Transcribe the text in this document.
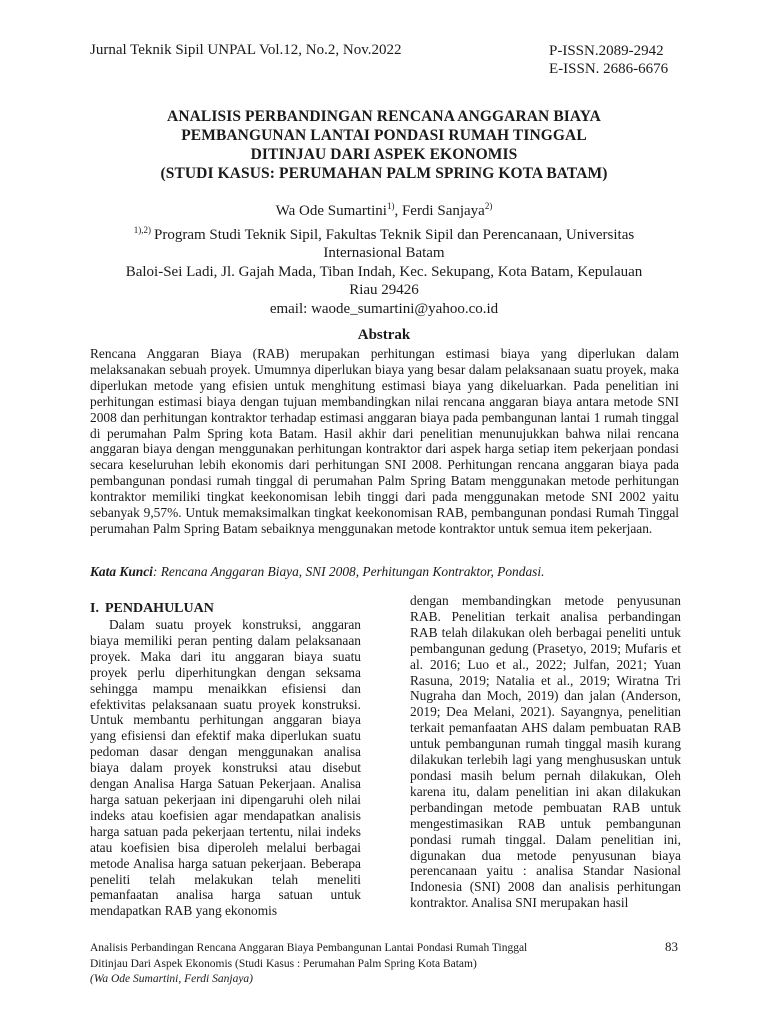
Jurnal Teknik Sipil UNPAL Vol.12, No.2, Nov.2022	P-ISSN.2089-2942
E-ISSN. 2686-6676
ANALISIS PERBANDINGAN RENCANA ANGGARAN BIAYA
PEMBANGUNAN LANTAI PONDASI RUMAH TINGGAL
DITINJAU DARI ASPEK EKONOMIS
(STUDI KASUS: PERUMAHAN PALM SPRING KOTA BATAM)
Wa Ode Sumartini$^{1)}$, Ferdi Sanjaya$^{2)}$
$^{1),2)}$ Program Studi Teknik Sipil, Fakultas Teknik Sipil dan Perencanaan, Universitas
Internasional Batam
Baloi-Sei Ladi, Jl. Gajah Mada, Tiban Indah, Kec. Sekupang, Kota Batam, Kepulauan
Riau 29426
email: waode_sumartini@yahoo.co.id
Abstrak
Rencana Anggaran Biaya (RAB) merupakan perhitungan estimasi biaya yang diperlukan dalam melaksanakan sebuah proyek. Umumnya diperlukan biaya yang besar dalam pelaksanaan suatu proyek, maka diperlukan metode yang efisien untuk menghitung estimasi biaya yang dikeluarkan. Pada penelitian ini perhitungan estimasi biaya dengan tujuan membandingkan nilai rencana anggaran biaya antara metode SNI 2008 dan perhitungan kontraktor terhadap estimasi anggaran biaya pada pembangunan lantai 1 rumah tinggal di perumahan Palm Spring kota Batam. Hasil akhir dari penelitian menunujukkan bahwa nilai rencana anggaran biaya dengan menggunakan perhitungan kontraktor dari aspek harga setiap item pekerjaan pondasi secara keseluruhan lebih ekonomis dari perhitungan SNI 2008. Perhitungan rencana anggaran biaya pada pembangunan pondasi rumah tinggal di perumahan Palm Spring Batam menggunakan metode perhitungan kontraktor memiliki tingkat keekonomisan lebih tinggi dari pada menggunakan metode SNI 2002 yaitu sebanyak 9,57%. Untuk memaksimalkan tingkat keekonomisan RAB, pembangunan pondasi Rumah Tinggal perumahan Palm Spring Batam sebaiknya menggunakan metode kontraktor untuk semua item pekerjaan.
Kata Kunci: Rencana Anggaran Biaya, SNI 2008, Perhitungan Kontraktor, Pondasi.
I. PENDAHULUAN
Dalam suatu proyek konstruksi, anggaran biaya memiliki peran penting dalam pelaksanaan proyek. Maka dari itu anggaran biaya suatu proyek perlu diperhitungkan dengan seksama sehingga mampu menaikkan efisiensi dan efektivitas pelaksanaan suatu proyek konstruksi. Untuk membantu perhitungan anggaran biaya yang efisiensi dan efektif maka diperlukan suatu pedoman dasar dengan menggunakan analisa biaya dalam proyek konstruksi atau disebut dengan Analisa Harga Satuan Pekerjaan. Analisa harga satuan pekerjaan ini dipengaruhi oleh nilai indeks atau koefisien agar mendapatkan analisis harga satuan pada pekerjaan tertentu, nilai indeks atau koefisien bisa diperoleh melalui berbagai metode Analisa harga satuan pekerjaan. Beberapa peneliti telah melakukan telah meneliti pemanfaatan analisa harga satuan untuk mendapatkan RAB yang ekonomis
dengan membandingkan metode penyusunan RAB. Penelitian terkait analisa perbandingan RAB telah dilakukan oleh berbagai peneliti untuk pembangunan gedung (Prasetyo, 2019; Mufaris et al. 2016; Luo et al., 2022; Julfan, 2021; Yuan Rasuna, 2019; Natalia et al., 2019; Wiratna Tri Nugraha dan Moch, 2019) dan jalan (Anderson, 2019; Dea Melani, 2021). Sayangnya, penelitian terkait pemanfaatan AHS dalam pembuatan RAB untuk pembangunan rumah tinggal masih kurang dilakukan terlebih lagi yang menghususkan untuk pondasi masih belum pernah dilakukan, Oleh karena itu, dalam penelitian ini akan dilakukan perbandingan metode pembuatan RAB untuk mengestimasikan RAB untuk pembangunan pondasi rumah tinggal. Dalam penelitian ini, digunakan dua metode penyusunan biaya perencanaan yaitu : analisa Standar Nasional Indonesia (SNI) 2008 dan analisis perhitungan kontraktor. Analisa SNI merupakan hasil
Analisis Perbandingan Rencana Anggaran Biaya Pembangunan Lantai Pondasi Rumah Tinggal
Ditinjau Dari Aspek Ekonomis (Studi Kasus : Perumahan Palm Spring Kota Batam)
(Wa Ode Sumartini, Ferdi Sanjaya)
83
